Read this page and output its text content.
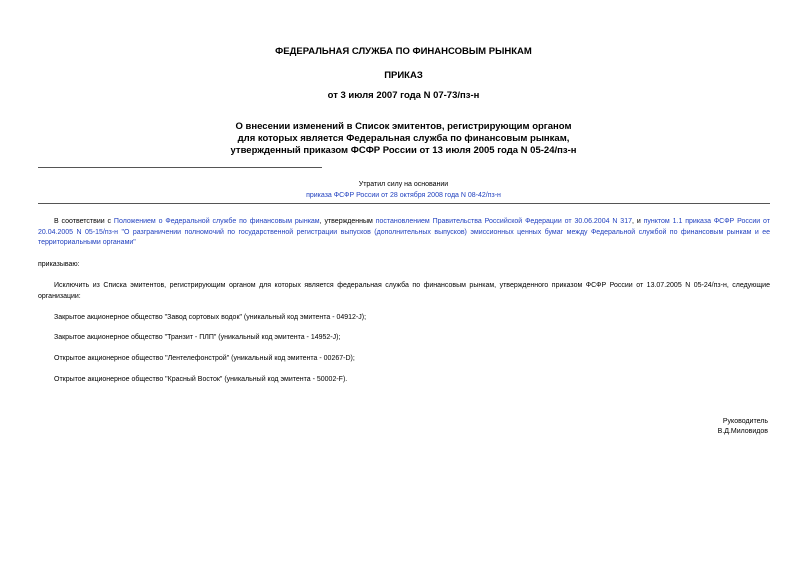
ФЕДЕРАЛЬНАЯ СЛУЖБА ПО ФИНАНСОВЫМ РЫНКАМ
ПРИКАЗ
от 3 июля 2007 года N 07-73/пз-н
О внесении изменений в Список эмитентов, регистрирующим органом
для которых является Федеральная служба по финансовым рынкам,
утвержденный приказом ФСФР России от 13 июля 2005 года N 05-24/пз-н
Утратил силу на основании
приказа ФСФР России от 28 октября 2008 года N 08-42/пз-н
В соответствии с Положением о Федеральной службе по финансовым рынкам, утвержденным постановлением Правительства Российской Федерации от 30.06.2004 N 317, и пунктом 1.1 приказа ФСФР России от 20.04.2005 N 05-15/пз-н "О разграничении полномочий по государственной регистрации выпусков (дополнительных выпусков) эмиссионных ценных бумаг между Федеральной службой по финансовым рынкам и ее территориальными органами"
приказываю:
Исключить из Списка эмитентов, регистрирующим органом для которых является федеральная служба по финансовым рынкам, утвержденного приказом ФСФР России от 13.07.2005 N 05-24/пз-н, следующие организации:
Закрытое акционерное общество "Завод сортовых водок" (уникальный код эмитента - 04912-J);
Закрытое акционерное общество "Транзит - ПЛП" (уникальный код эмитента - 14952-J);
Открытое акционерное общество "Лентелефонстрой" (уникальный код эмитента - 00267-D);
Открытое акционерное общество "Красный Восток" (уникальный код эмитента - 50002-F).
Руководитель
В.Д.Миловидов
